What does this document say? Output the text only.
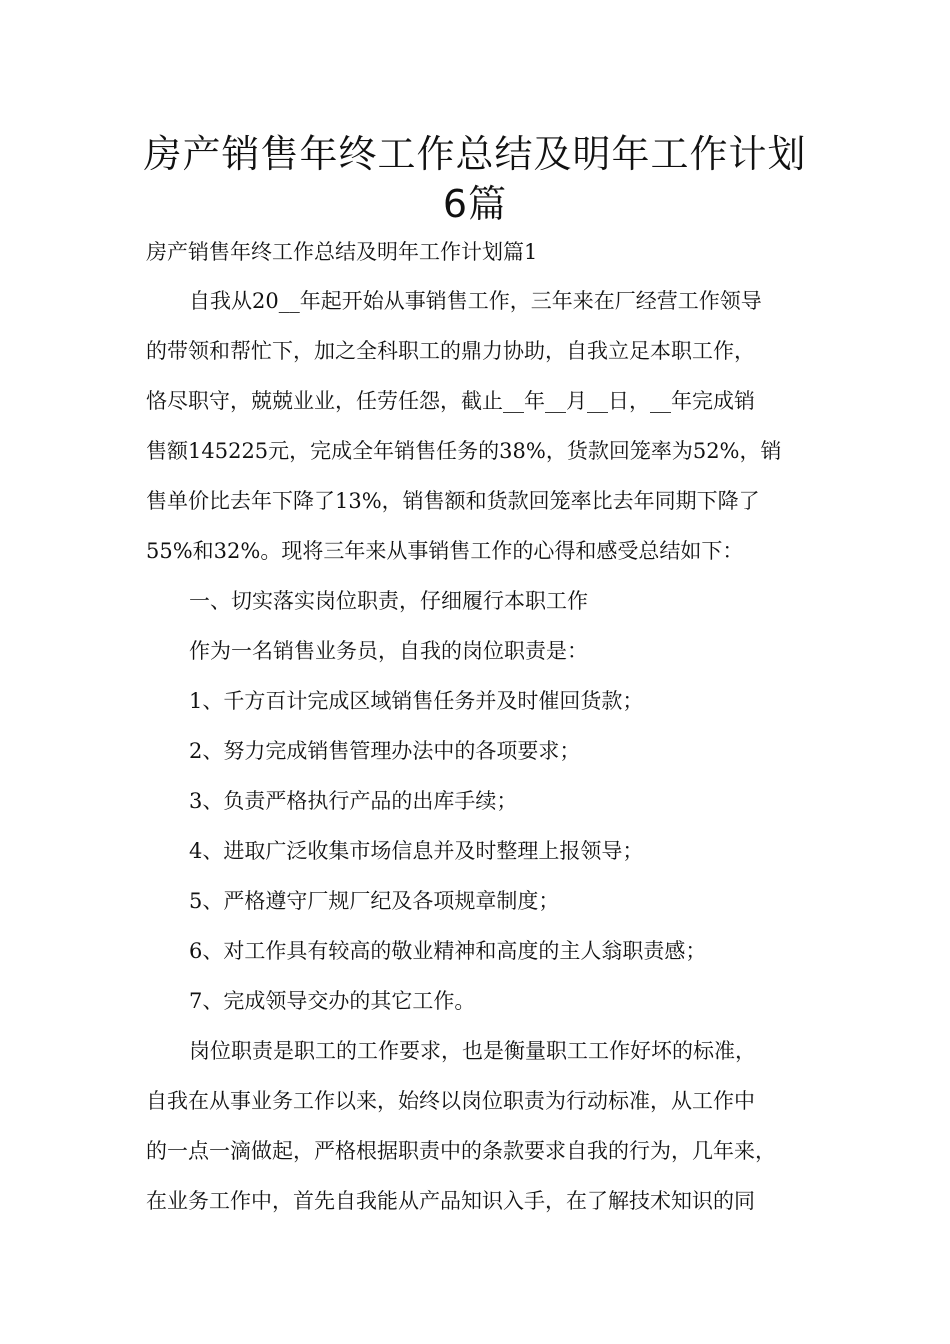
房产销售年终工作总结及明年工作计划
6篇

房产销售年终工作总结及明年工作计划篇1

自我从20__年起开始从事销售工作，三年来在厂经营工作领导

的带领和帮忙下，加之全科职工的鼎力协助，自我立足本职工作，

恪尽职守，兢兢业业，任劳任怨，截止__年__月__日，__年完成销

售额145225元，完成全年销售任务的38%，货款回笼率为52%，销

售单价比去年下降了13%，销售额和货款回笼率比去年同期下降了

55%和32%。现将三年来从事销售工作的心得和感受总结如下：

一、切实落实岗位职责，仔细履行本职工作

作为一名销售业务员，自我的岗位职责是：

1、千方百计完成区域销售任务并及时催回货款；

2、努力完成销售管理办法中的各项要求；

3、负责严格执行产品的出库手续；

4、进取广泛收集市场信息并及时整理上报领导；

5、严格遵守厂规厂纪及各项规章制度；

6、对工作具有较高的敬业精神和高度的主人翁职责感；

7、完成领导交办的其它工作。

岗位职责是职工的工作要求，也是衡量职工工作好坏的标准，

自我在从事业务工作以来，始终以岗位职责为行动标准，从工作中

的一点一滴做起，严格根据职责中的条款要求自我的行为，几年来，

在业务工作中，首先自我能从产品知识入手，在了解技术知识的同
